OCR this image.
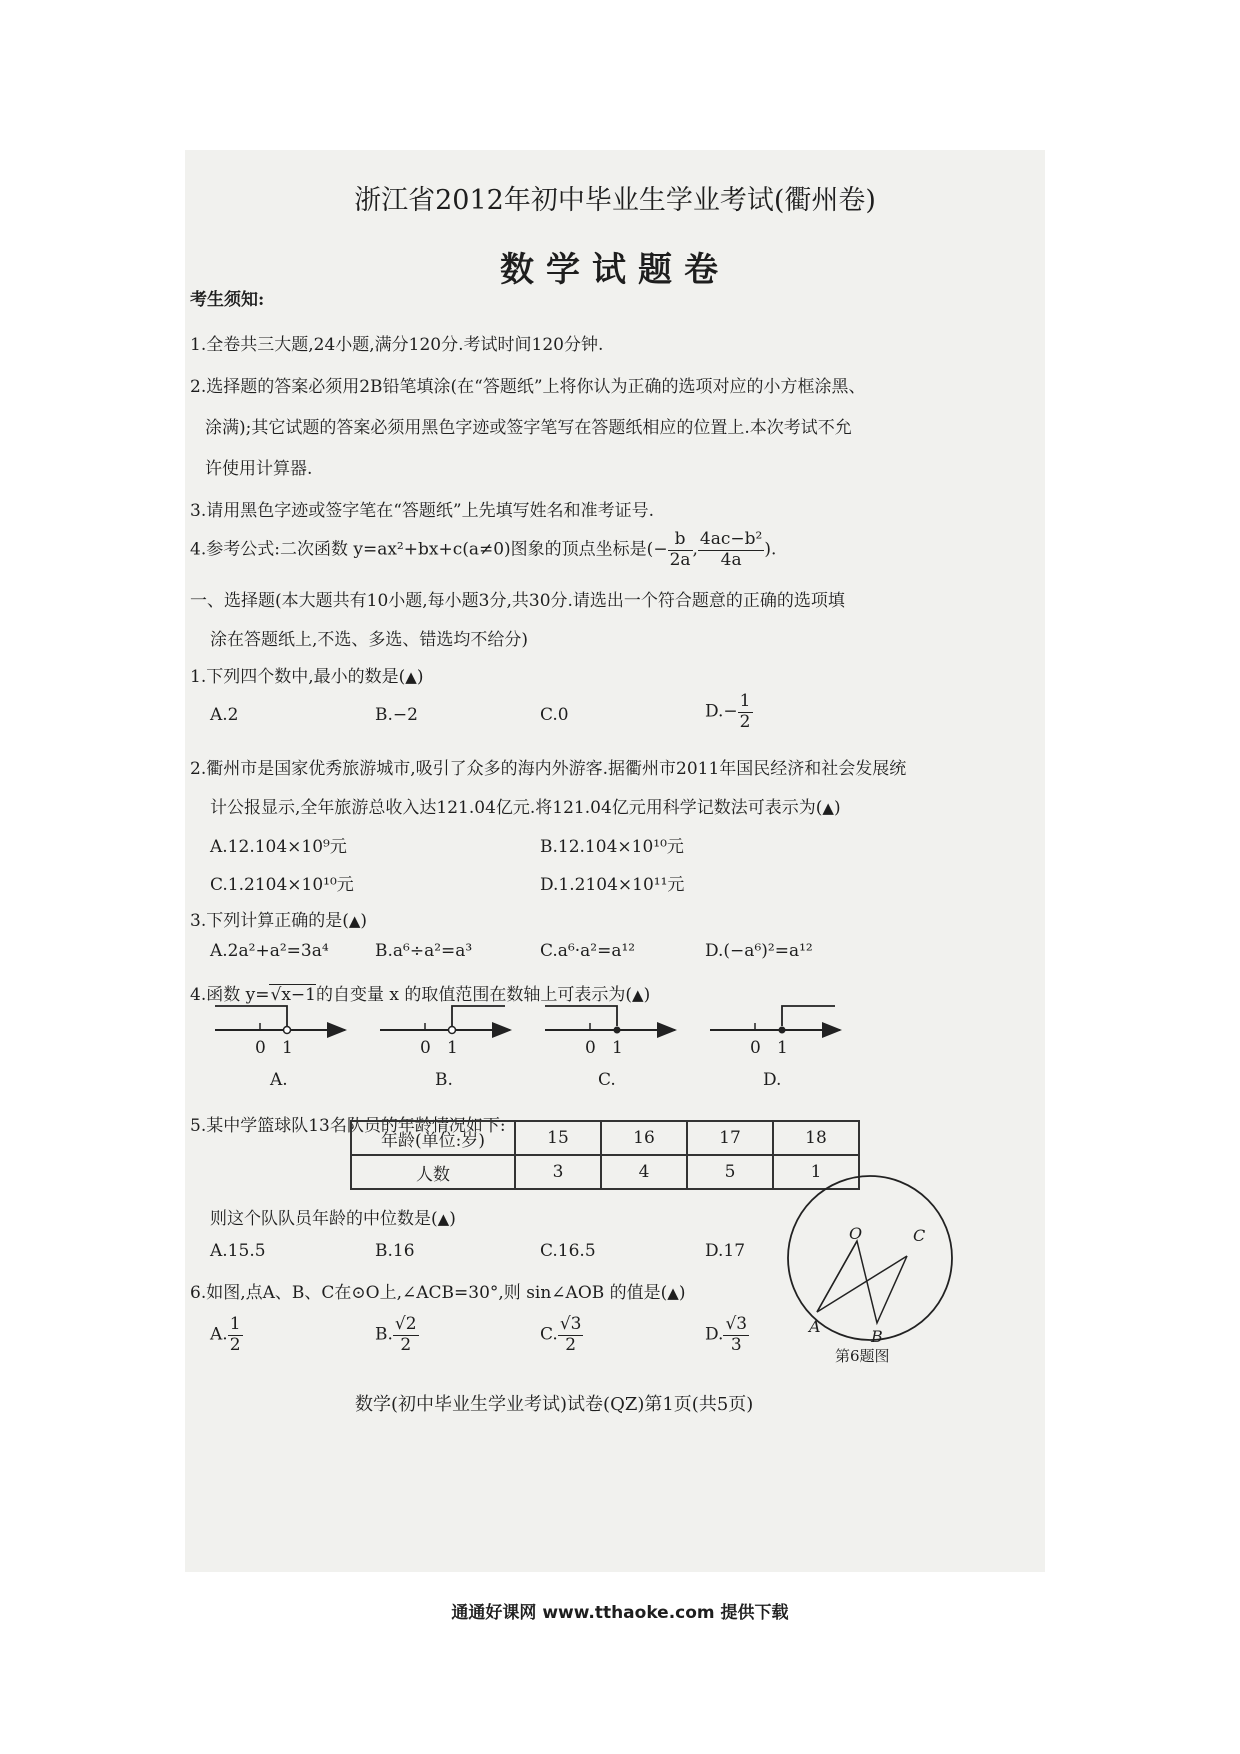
浙江省2012年初中毕业生学业考试(衢州卷)
数学试题卷
考生须知:
1.全卷共三大题,24小题,满分120分.考试时间120分钟.
2.选择题的答案必须用2B铅笔填涂(在“答题纸”上将你认为正确的选项对应的小方框涂黑、
涂满);其它试题的答案必须用黑色字迹或签字笔写在答题纸相应的位置上.本次考试不允
许使用计算器.
3.请用黑色字迹或签字笔在“答题纸”上先填写姓名和准考证号.
4.参考公式:二次函数 y=ax²+bx+c(a≠0)图象的顶点坐标是(− $\frac{b}{2a}$ , $\frac{\text{4ac−b²}}{4a}$ ).
一、选择题(本大题共有10小题,每小题3分,共30分.请选出一个符合题意的正确的选项填
涂在答题纸上,不选、多选、错选均不给分)
1.下列四个数中,最小的数是(▲)
A.2	B.−2	C.0	$D.- \frac{1}{2}$
2.衢州市是国家优秀旅游城市,吸引了众多的海内外游客.据衢州市2011年国民经济和社会发展统
计公报显示,全年旅游总收入达121.04亿元.将121.04亿元用科学记数法可表示为(▲)
A.12.104×10⁹元	B.12.104×10¹⁰元
C.1.2104×10¹⁰元	D.1.2104×10¹¹元
3.下列计算正确的是(▲)
A.2a²+a²=3a⁴	B.a⁶÷a²=a³	C.a⁶·a²=a¹²	D.(−a⁶)²=a¹²
4.函数 y=√x−1的自变量 x 的取值范围在数轴上可表示为(▲)
0 1	0 1	0 1	0 1
A.	B.	C.	D.
5.某中学篮球队13名队员的年龄情况如下:
年龄(单位:岁)	15	16	17	18
人数	3	4	5	1
则这个队队员年龄的中位数是(▲)
A.15.5	B.16	C.16.5	D.17
6.如图,点A、B、C在⊙O上,∠ACB=30°,则 sin∠AOB 的值是(▲)
A. $\frac{1}{2}$	B. $\frac{√2}{2}$	C. $\frac{√3}{2}$	D. $\frac{√3}{3}$
O
A
B
C
第6题图
数学(初中毕业生学业考试)试卷(QZ)第1页(共5页)
通通好课网 www.tthaoke.com 提供下载
